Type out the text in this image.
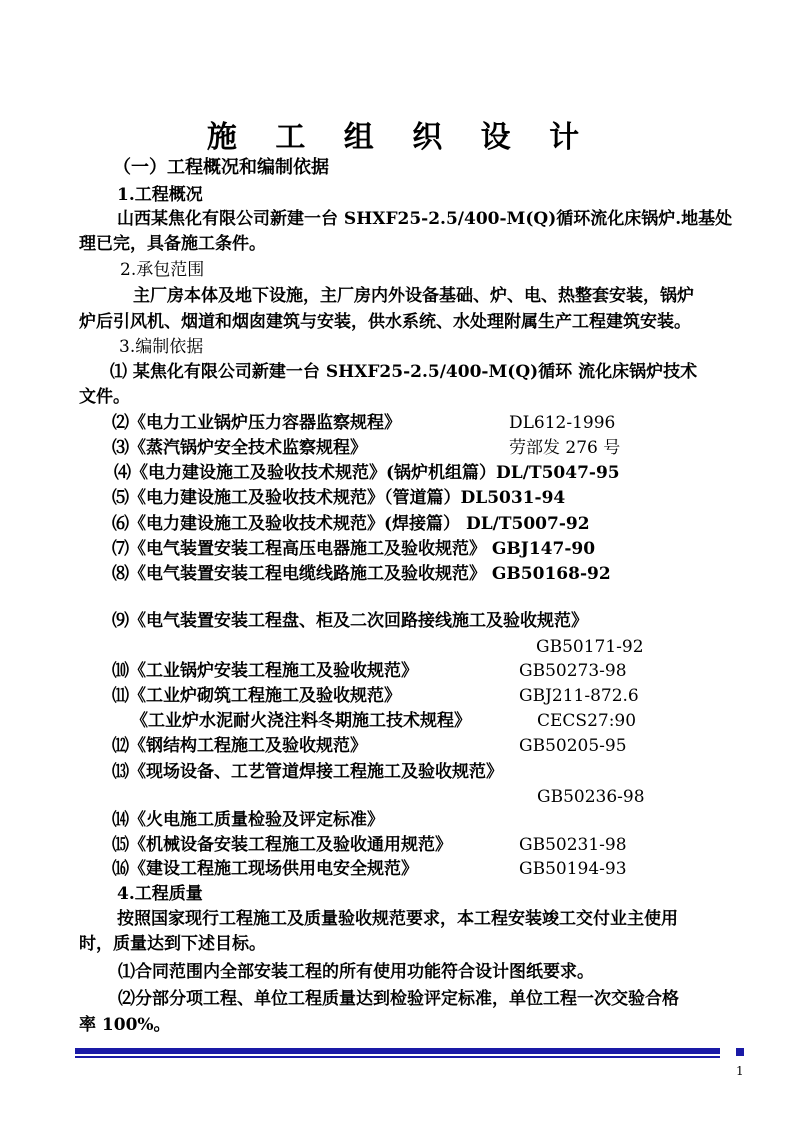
施 工 组 织 设 计
（一）工程概况和编制依据
1.工程概况
山西某焦化有限公司新建一台 SHXF25-2.5/400-M(Q)循环流化床锅炉.地基处
理已完，具备施工条件。
2.承包范围
主厂房本体及地下设施，主厂房内外设备基础、炉、电、热整套安装，锅炉
炉后引风机、烟道和烟囱建筑与安装，供水系统、水处理附属生产工程建筑安装。
3.编制依据
⑴ 某焦化有限公司新建一台 SHXF25-2.5/400-M(Q)循环 流化床锅炉技术
文件。
⑵《电力工业锅炉压力容器监察规程》	DL612-1996
⑶《蒸汽锅炉安全技术监察规程》	劳部发 276 号
⑷《电力建设施工及验收技术规范》(锅炉机组篇）DL/T5047-95
⑸《电力建设施工及验收技术规范》（管道篇）DL5031-94
⑹《电力建设施工及验收技术规范》(焊接篇） DL/T5007-92
⑺《电气装置安装工程高压电器施工及验收规范》 GBJ147-90
⑻《电气装置安装工程电缆线路施工及验收规范》 GB50168-92
⑼《电气装置安装工程盘、柜及二次回路接线施工及验收规范》
GB50171-92
⑽《工业锅炉安装工程施工及验收规范》	GB50273-98
⑾《工业炉砌筑工程施工及验收规范》	GBJ211-872.6
《工业炉水泥耐火浇注料冬期施工技术规程》	CECS27:90
⑿《钢结构工程施工及验收规范》	GB50205-95
⒀《现场设备、工艺管道焊接工程施工及验收规范》
GB50236-98
⒁《火电施工质量检验及评定标准》
⒂《机械设备安装工程施工及验收通用规范》	GB50231-98
⒃《建设工程施工现场供用电安全规范》	GB50194-93
4.工程质量
按照国家现行工程施工及质量验收规范要求，本工程安装竣工交付业主使用
时，质量达到下述目标。
⑴合同范围内全部安装工程的所有使用功能符合设计图纸要求。
⑵分部分项工程、单位工程质量达到检验评定标准，单位工程一次交验合格
率 100%。
1
